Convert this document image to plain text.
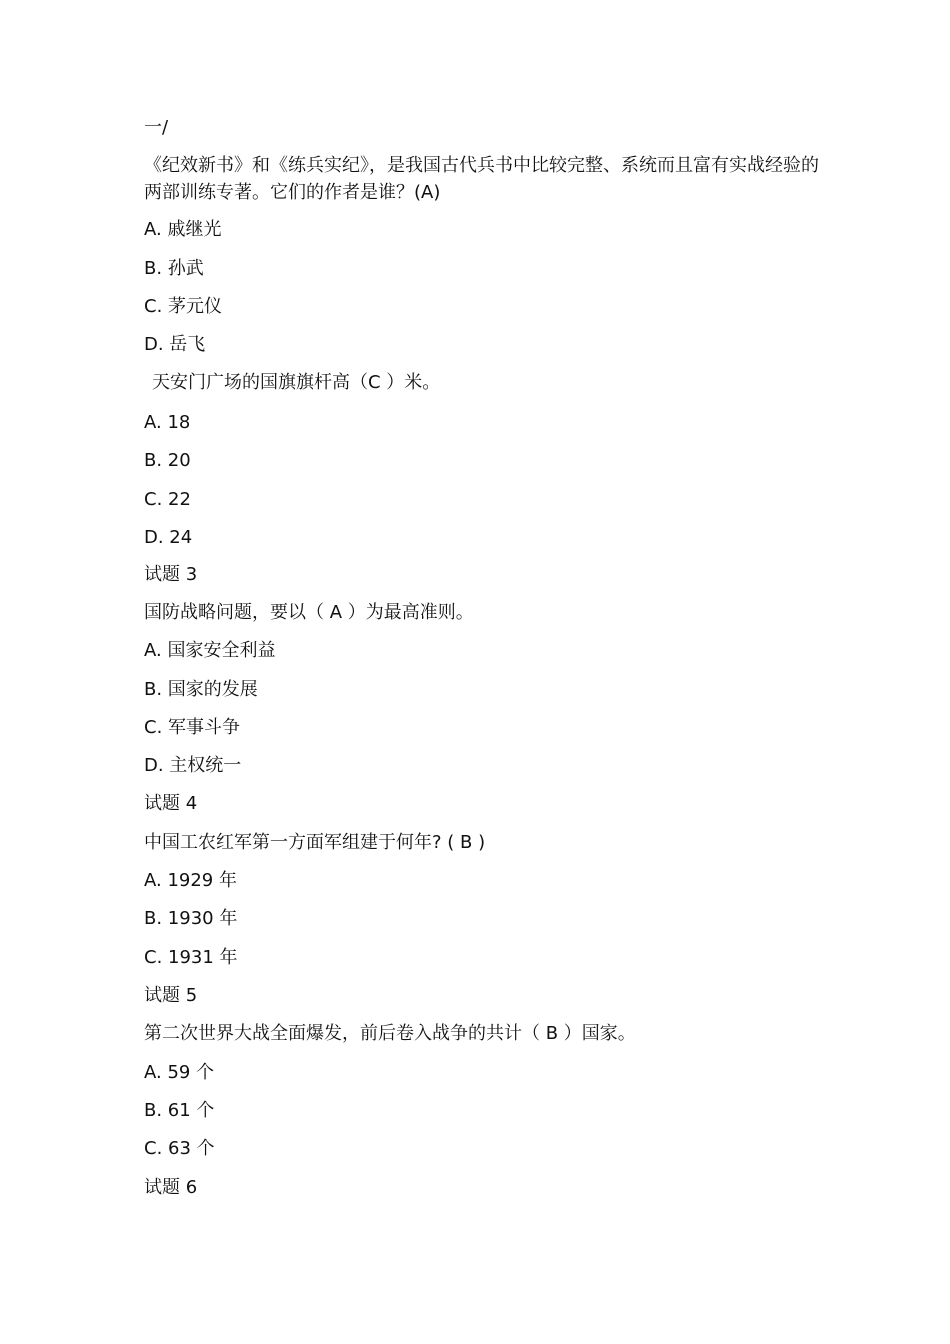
一/
《纪效新书》和《练兵实纪》，是我国古代兵书中比较完整、系统而且富有实战经验的两部训练专著。它们的作者是谁？(A)
A. 戚继光
B. 孙武
C. 茅元仪
D. 岳飞
天安门广场的国旗旗杆高（C ）米。
A. 18
B. 20
C. 22
D. 24
试题 3
国防战略问题，要以（ A ）为最高准则。
A. 国家安全利益
B. 国家的发展
C. 军事斗争
D. 主权统一
试题 4
中国工农红军第一方面军组建于何年? ( B )
A. 1929 年
B. 1930 年
C. 1931 年
试题 5
第二次世界大战全面爆发，前后卷入战争的共计（ B ）国家。
A. 59 个
B. 61 个
C. 63 个
试题 6
